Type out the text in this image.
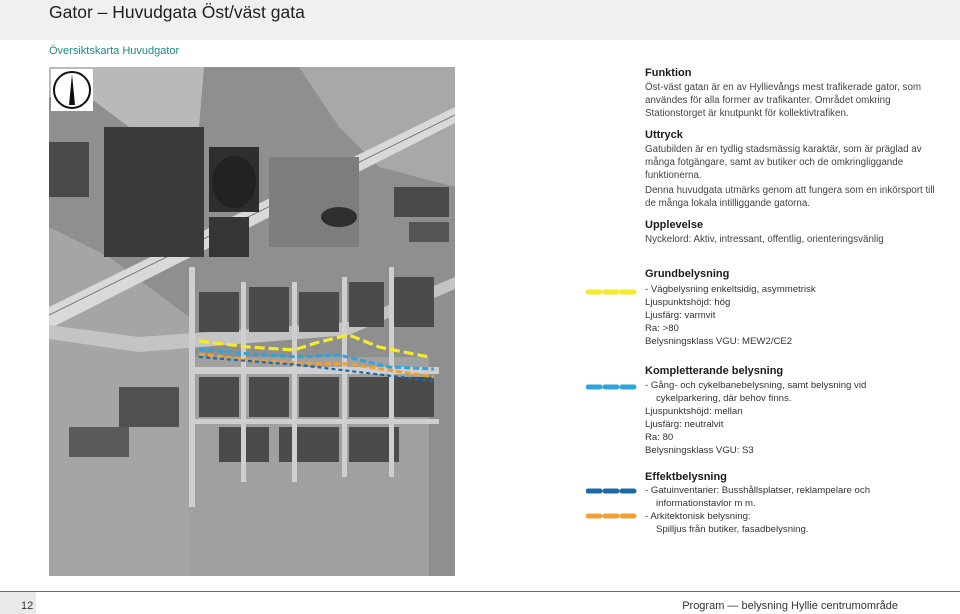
Gator – Huvudgata Öst/väst gata
Översiktskarta Huvudgator
Funktion
Öst-väst gatan är en av Hyllievångs mest trafikerade gator, som användes för alla former av trafikanter. Området omkring Stationstorget är knutpunkt för kollektivtrafiken.
Uttryck
Gatubilden är en tydlig stadsmässig karaktär, som är präglad av många fotgängare, samt av butiker och de omkringliggande funktionerna.
Denna huvudgata utmärks genom att fungera som en inkörsport till de många lokala intilliggande gatorna.
Upplevelse
Nyckelord: Aktiv, intressant, offentlig, orienteringsvänlig
Grundbelysning
- Vägbelysning enkeltsidig, asymmetrisk
Ljuspunktshöjd: hög
Ljusfärg: varmvit
Ra: >80
Belysningsklass VGU: MEW2/CE2
Kompletterande belysning
- Gång- och cykelbanebelysning, samt belysning vid
cykelparkering, där behov finns.
Ljuspunktshöjd: mellan
Ljusfärg: neutralvit
Ra: 80
Belysningsklass VGU: S3
Effektbelysning
- Gatuinventarier: Busshållsplatser, reklampelare och
informationstavlor m m.
- Arkitektonisk belysning:
Spilljus från butiker, fasadbelysning.
12	Program — belysning Hyllie centrumområde
